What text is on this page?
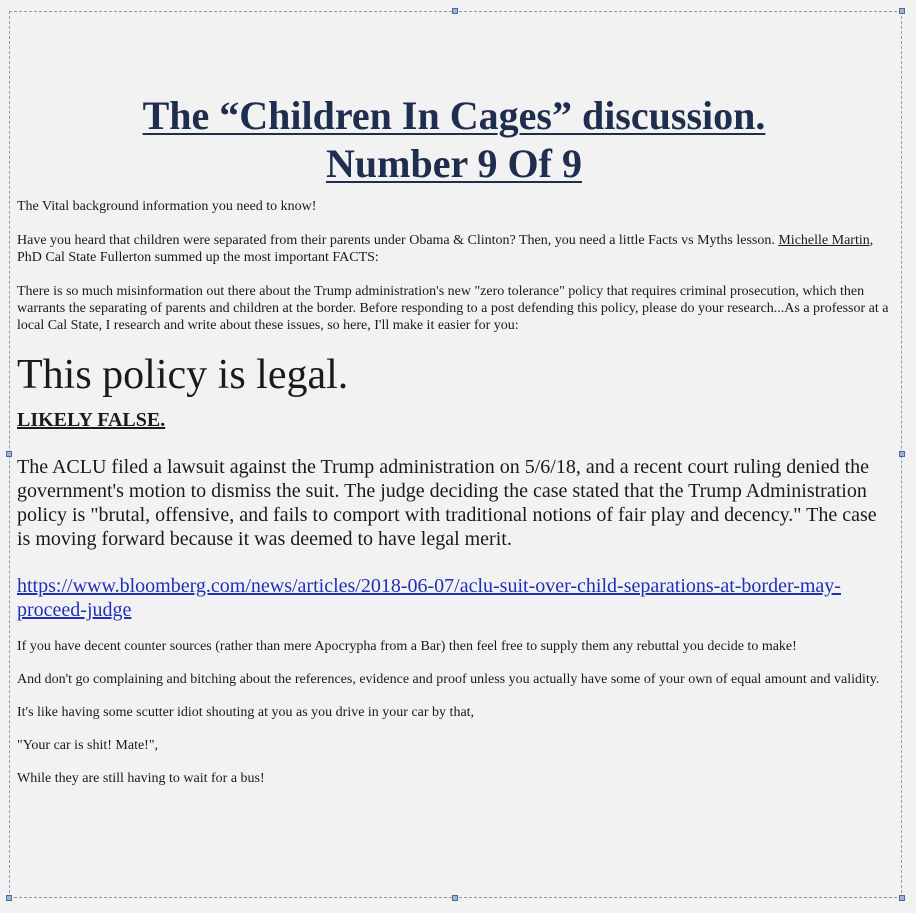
The “Children In Cages” discussion.
Number 9 Of 9

The Vital background information you need to know!

Have you heard that children were separated from their parents under Obama & Clinton? Then, you need a little Facts vs Myths lesson. Michelle Martin, PhD Cal State Fullerton summed up the most important FACTS:

There is so much misinformation out there about the Trump administration's new "zero tolerance" policy that requires criminal prosecution, which then warrants the separating of parents and children at the border. Before responding to a post defending this policy, please do your research...As a professor at a local Cal State, I research and write about these issues, so here, I'll make it easier for you:

This policy is legal.

LIKELY FALSE.

The ACLU filed a lawsuit against the Trump administration on 5/6/18, and a recent court ruling denied the government's motion to dismiss the suit. The judge deciding the case stated that the Trump Administration policy is "brutal, offensive, and fails to comport with traditional notions of fair play and decency." The case is moving forward because it was deemed to have legal merit.

https://www.bloomberg.com/news/articles/2018-06-07/aclu-suit-over-child-separations-at-border-may-proceed-judge

If you have decent counter sources (rather than mere Apocrypha from a Bar) then feel free to supply them any rebuttal you decide to make!

And don't go complaining and bitching about the references, evidence and proof unless you actually have some of your own of equal amount and validity.

It's like having some scutter idiot shouting at you as you drive in your car by that,

"Your car is shit! Mate!",

While they are still having to wait for a bus!
